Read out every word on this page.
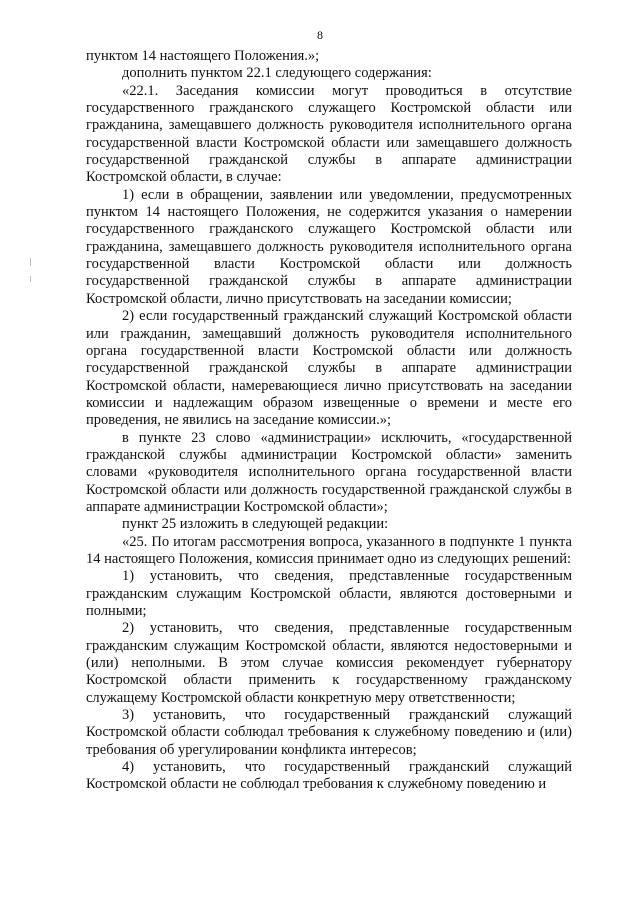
8

пунктом 14 настоящего Положения.»;

дополнить пунктом 22.1 следующего содержания:

«22.1. Заседания комиссии могут проводиться в отсутствие государственного гражданского служащего Костромской области или гражданина, замещавшего должность руководителя исполнительного органа государственной власти Костромской области или замещавшего должность государственной гражданской службы в аппарате администрации Костромской области, в случае:

1) если в обращении, заявлении или уведомлении, предусмотренных пунктом 14 настоящего Положения, не содержится указания о намерении государственного гражданского служащего Костромской области или гражданина, замещавшего должность руководителя исполнительного органа государственной власти Костромской области или должность государственной гражданской службы в аппарате администрации Костромской области, лично присутствовать на заседании комиссии;

2) если государственный гражданский служащий Костромской области или гражданин, замещавший должность руководителя исполнительного органа государственной власти Костромской области или должность государственной гражданской службы в аппарате администрации Костромской области, намеревающиеся лично присутствовать на заседании комиссии и надлежащим образом извещенные о времени и месте его проведения, не явились на заседание комиссии.»;

в пункте 23 слово «администрации» исключить, «государственной гражданской службы администрации Костромской области» заменить словами «руководителя исполнительного органа государственной власти Костромской области или должность государственной гражданской службы в аппарате администрации Костромской области»;

пункт 25 изложить в следующей редакции:

«25. По итогам рассмотрения вопроса, указанного в подпункте 1 пункта 14 настоящего Положения, комиссия принимает одно из следующих решений:

1) установить, что сведения, представленные государственным гражданским служащим Костромской области, являются достоверными и полными;

2) установить, что сведения, представленные государственным гражданским служащим Костромской области, являются недостоверными и (или) неполными. В этом случае комиссия рекомендует губернатору Костромской области применить к государственному гражданскому служащему Костромской области конкретную меру ответственности;

3) установить, что государственный гражданский служащий Костромской области соблюдал требования к служебному поведению и (или) требования об урегулировании конфликта интересов;

4) установить, что государственный гражданский служащий Костромской области не соблюдал требования к служебному поведению и
